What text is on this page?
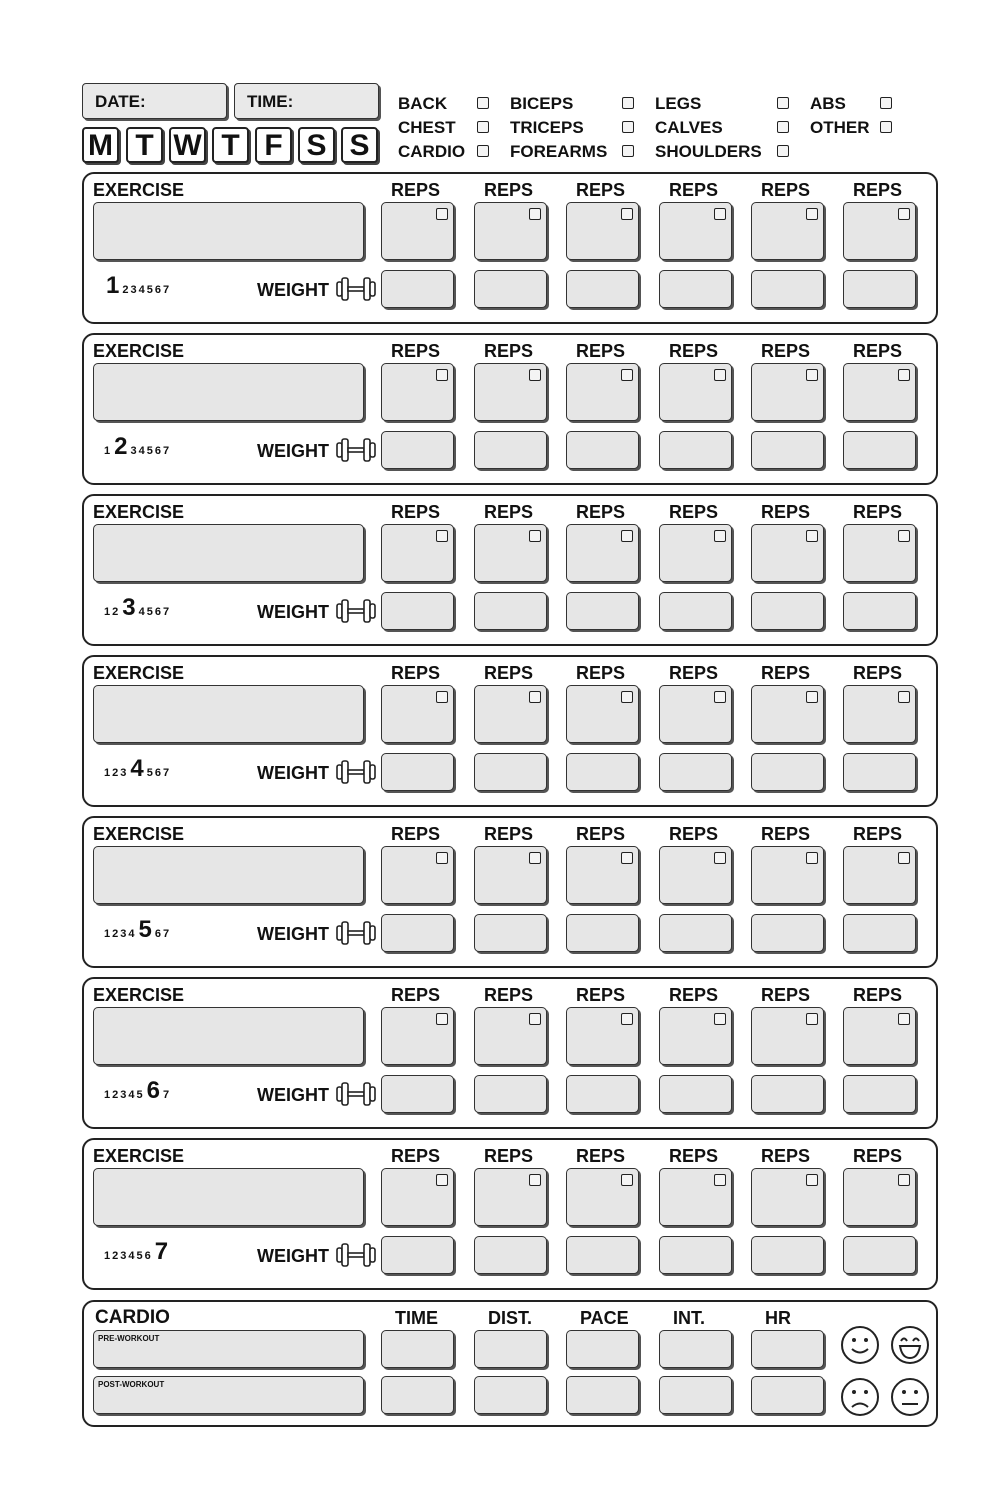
DATE:	TIME:
M T W T F S S
BACK	BICEPS	LEGS	ABS
CHEST	TRICEPS	CALVES	OTHER
CARDIO	FOREARMS	SHOULDERS
EXERCISE	REPS REPS REPS REPS REPS REPS
1 2 3 4 5 6 7	WEIGHT
EXERCISE	REPS REPS REPS REPS REPS REPS
1 2 3 4 5 6 7	WEIGHT
EXERCISE	REPS REPS REPS REPS REPS REPS
1 2 3 4 5 6 7	WEIGHT
EXERCISE	REPS REPS REPS REPS REPS REPS
1 2 3 4 5 6 7	WEIGHT
EXERCISE	REPS REPS REPS REPS REPS REPS
1 2 3 4 5 6 7	WEIGHT
EXERCISE	REPS REPS REPS REPS REPS REPS
1 2 3 4 5 6 7	WEIGHT
EXERCISE	REPS REPS REPS REPS REPS REPS
1 2 3 4 5 6 7	WEIGHT
CARDIO	TIME	DIST.	PACE INT.	HR
PRE-WORKOUT
POST-WORKOUT
